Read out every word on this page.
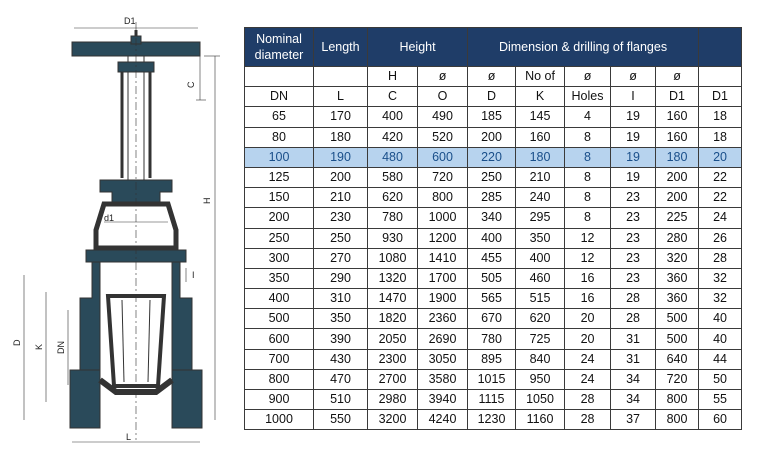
D1
C
H
d1
I
D
K DN
L
Nominal diameter	Length	Height		Dimension & drilling of flanges					
		H	ø	ø	No of	ø	ø	ø	
DN	L	C	O	D	K	Holes	I	D1	D1
65	170	400	490	185	145	4	19	160	18
80	180	420	520	200	160	8	19	160	18
100	190	480	600	220	180	8	19	180	20
125	200	580	720	250	210	8	19	200	22
150	210	620	800	285	240	8	23	200	22
200	230	780	1000	340	295	8	23	225	24
250	250	930	1200	400	350	12	23	280	26
300	270	1080	1410	455	400	12	23	320	28
350	290	1320	1700	505	460	16	23	360	32
400	310	1470	1900	565	515	16	28	360	32
500	350	1820	2360	670	620	20	28	500	40
600	390	2050	2690	780	725	20	31	500	40
700	430	2300	3050	895	840	24	31	640	44
800	470	2700	3580	1015	950	24	34	720	50
900	510	2980	3940	1115	1050	28	34	800	55
1000	550	3200	4240	1230	1160	28	37	800	60
